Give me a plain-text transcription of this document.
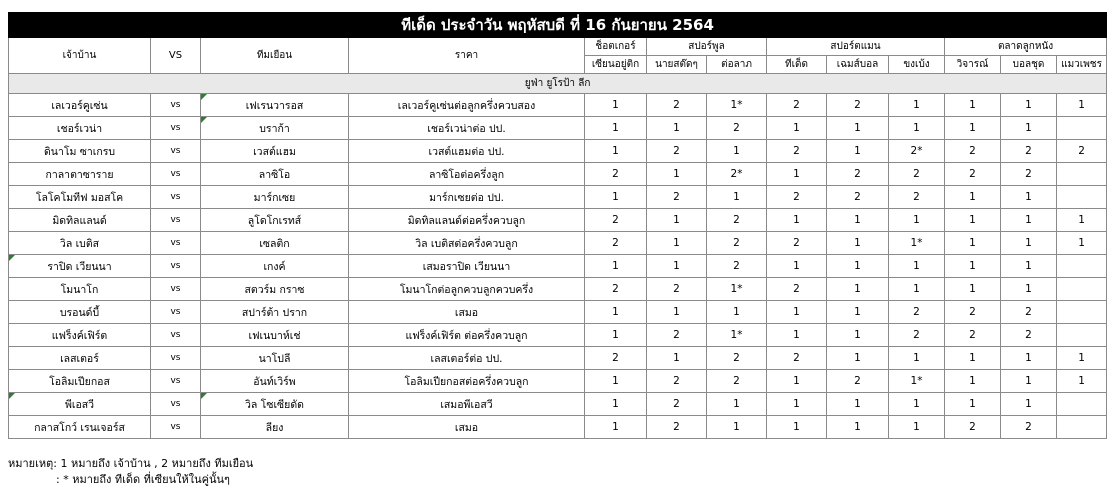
ทีเด็ด ประจำวัน พฤหัสบดี ที่ 16 กันยายน 2564												
เจ้าบ้าน	VS	ทีมเยือน	ราคา	ช็อตเกอร์	สปอร์พูล		สปอร์ตแมน			ตลาดลูกหนัง		
				เซียนอยู่ติก	นายสต๊ดๆ	ต่อลาภ	ทีเด็ด	เฉมส์บอล	ขงเบ้ง	วิจารณ์	บอลชุด	แมวเพชร
ยูฟ่า ยูโรป้า ลีก												
เลเวอร์คูเซ่น	vs	เฟเรนวารอส	เลเวอร์คูเซ่นต่อลูกครึ่งควบสอง	1	2	1*	2	2	1	1	1	1
เชอร์เวน่า	vs	บราก้า	เชอร์เวน่าต่อ ปป.	1	1	2	1	1	1	1	1	
ดินาโม ซาเกรบ	vs	เวสต์แฮม	เวสต์แฮมต่อ ปป.	1	2	1	2	1	2*	2	2	2
กาลาตาซาราย	vs	ลาซิโอ	ลาซิโอต่อครึ่งลูก	2	1	2*	1	2	2	2	2	
โลโคโมทีฟ มอสโค	vs	มาร์กเซย	มาร์กเซยต่อ ปป.	1	2	1	2	2	2	1	1	
มิดทิลแลนด์	vs	ลูโดโกเรทส์	มิดทิลแลนด์ต่อครึ่งควบลูก	2	1	2	1	1	1	1	1	1
วิล เบติส	vs	เซลติก	วิล เบติสต่อครึ่งควบลูก	2	1	2	2	1	1*	1	1	1
ราปิด เวียนนา	vs	เกงค์	เสมอราปิด เวียนนา	1	1	2	1	1	1	1	1	
โมนาโก	vs	สตวร์ม กราซ	โมนาโกต่อลูกควบลูกควบครึ่ง	2	2	1*	2	1	1	1	1	
บรอนด์บี้	vs	สปาร์ต้า ปราก	เสมอ	1	1	1	1	1	2	2	2	
แฟร็งค์เฟิร์ต	vs	เฟเนบาห์เช่	แฟร็งค์เฟิร์ต ต่อครึ่งควบลูก	1	2	1*	1	1	2	2	2	
เลสเตอร์	vs	นาโปลี	เลสเตอร์ต่อ ปป.	2	1	2	2	1	1	1	1	1
โอลิมเปียกอส	vs	อันท์เวิร์พ	โอลิมเปียกอสต่อครึ่งควบลูก	1	2	2	1	2	1*	1	1	1
พีเอสวี	vs	วิล โซเซียดัด	เสมอพีเอสวี	1	2	1	1	1	1	1	1	
กลาสโกว์ เรนเจอร์ส	vs	ลียง	เสมอ	1	2	1	1	1	1	2	2	
หมายเหตุ: 1 หมายถึง เจ้าบ้าน , 2 หมายถึง ทีมเยือน
: * หมายถึง ทีเด็ด ที่เซียนให้ในคู่นั้นๆ
